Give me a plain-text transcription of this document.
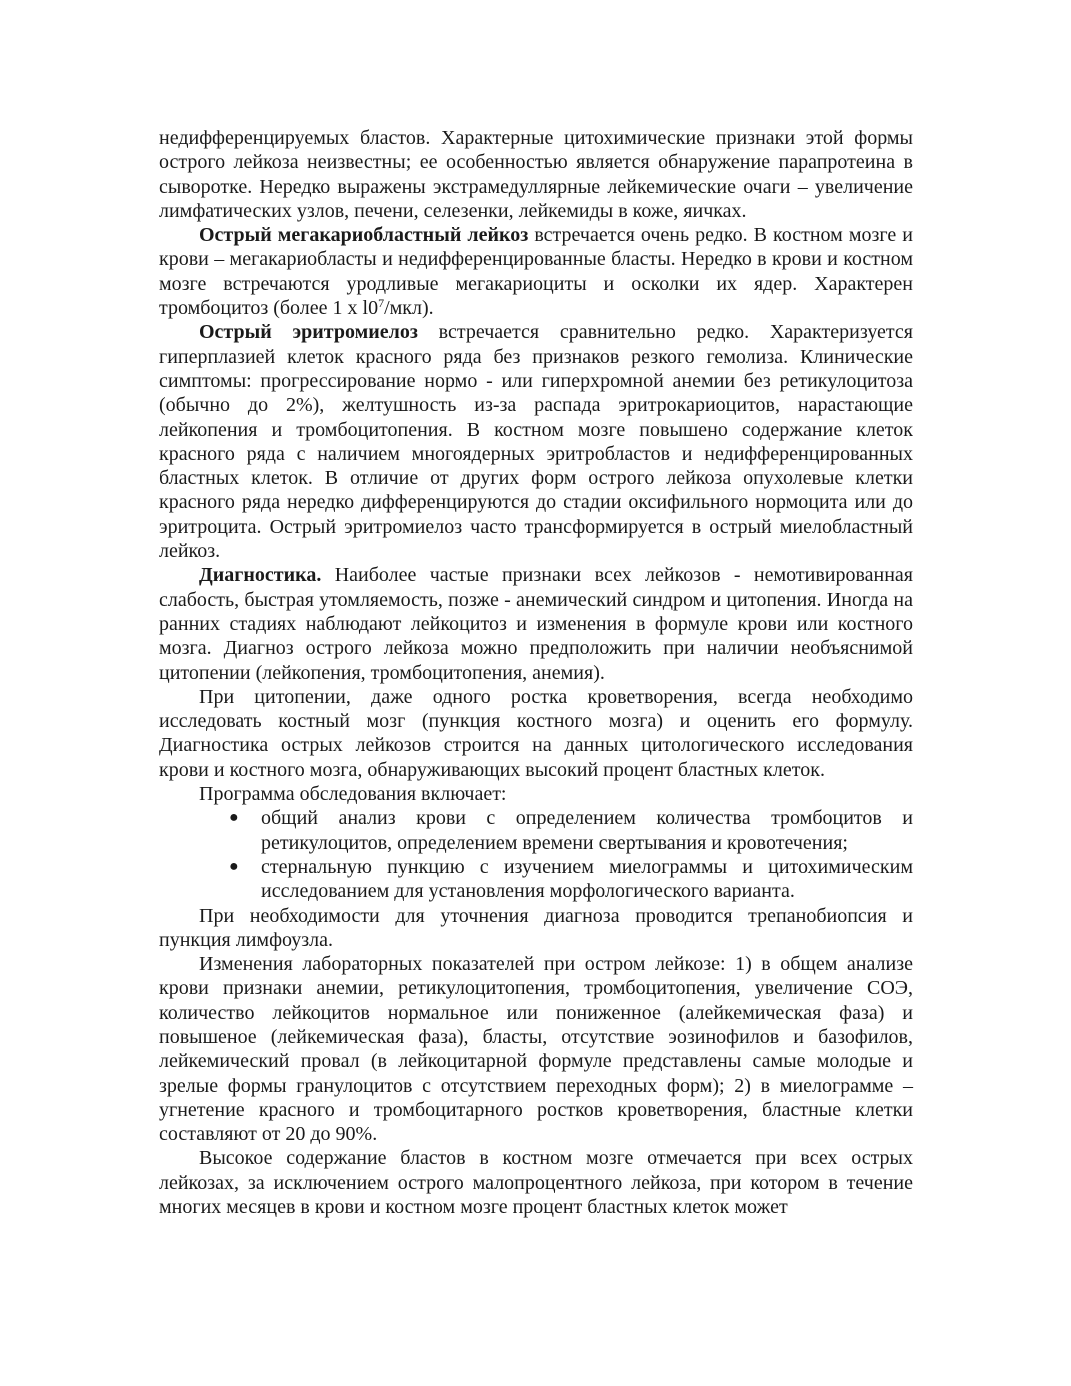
недифференцируемых бластов. Характерные цитохимические признаки этой формы острого лейкоза неизвестны; ее особенностью является обнаружение парапротеина в сыворотке. Нередко выражены экстрамедуллярные лейкемические очаги – увеличение лимфатических узлов, печени, селезенки, лейкемиды в коже, яичках.

Острый мегакариобластный лейкоз встречается очень редко. В костном мозге и крови – мегакариобласты и недифференцированные бласты. Нередко в крови и костном мозге встречаются уродливые мегакариоциты и осколки их ядер. Характерен тромбоцитоз (более 1 х $l0^7/мкл$).

Острый эритромиелоз встречается сравнительно редко. Характеризуется гиперплазией клеток красного ряда без признаков резкого гемолиза. Клинические симптомы: прогрессирование нормо - или гиперхромной анемии без ретикулоцитоза (обычно до 2%), желтушность из-за распада эритрокариоцитов, нарастающие лейкопения и тромбоцитопения. В костном мозге повышено содержание клеток красного ряда с наличием многоядерных эритробластов и недифференцированных бластных клеток. В отличие от других форм острого лейкоза опухолевые клетки красного ряда нередко дифференцируются до стадии оксифильного нормоцита или до эритроцита. Острый эритромиелоз часто трансформируется в острый миелобластный лейкоз.

Диагностика. Наиболее частые признаки всех лейкозов - немотивированная слабость, быстрая утомляемость, позже - анемический синдром и цитопения. Иногда на ранних стадиях наблюдают лейкоцитоз и изменения в формуле крови или костного мозга. Диагноз острого лейкоза можно предположить при наличии необъяснимой цитопении (лейкопения, тромбоцитопения, анемия).

При цитопении, даже одного ростка кроветворения, всегда необходимо исследовать костный мозг (пункция костного мозга) и оценить его формулу. Диагностика острых лейкозов строится на данных цитологического исследования крови и костного мозга, обнаруживающих высокий процент бластных клеток.

Программа обследования включает:

● общий анализ крови с определением количества тромбоцитов и ретикулоцитов, определением времени свертывания и кровотечения;
● стернальную пункцию с изучением миелограммы и цитохимическим исследованием для установления морфологического варианта.

При необходимости для уточнения диагноза проводится трепанобиопсия и пункция лимфоузла.

Изменения лабораторных показателей при остром лейкозе: 1) в общем анализе крови признаки анемии, ретикулоцитопения, тромбоцитопения, увеличение СОЭ, количество лейкоцитов нормальное или пониженное (алейкемическая фаза) и повышеное (лейкемическая фаза), бласты, отсутствие эозинофилов и базофилов, лейкемический провал (в лейкоцитарной формуле представлены самые молодые и зрелые формы гранулоцитов с отсутствием переходных форм); 2) в миелограмме – угнетение красного и тромбоцитарного ростков кроветворения, бластные клетки составляют от 20 до 90%.

Высокое содержание бластов в костном мозге отмечается при всех острых лейкозах, за исключением острого малопроцентного лейкоза, при котором в течение многих месяцев в крови и костном мозге процент бластных клеток может
